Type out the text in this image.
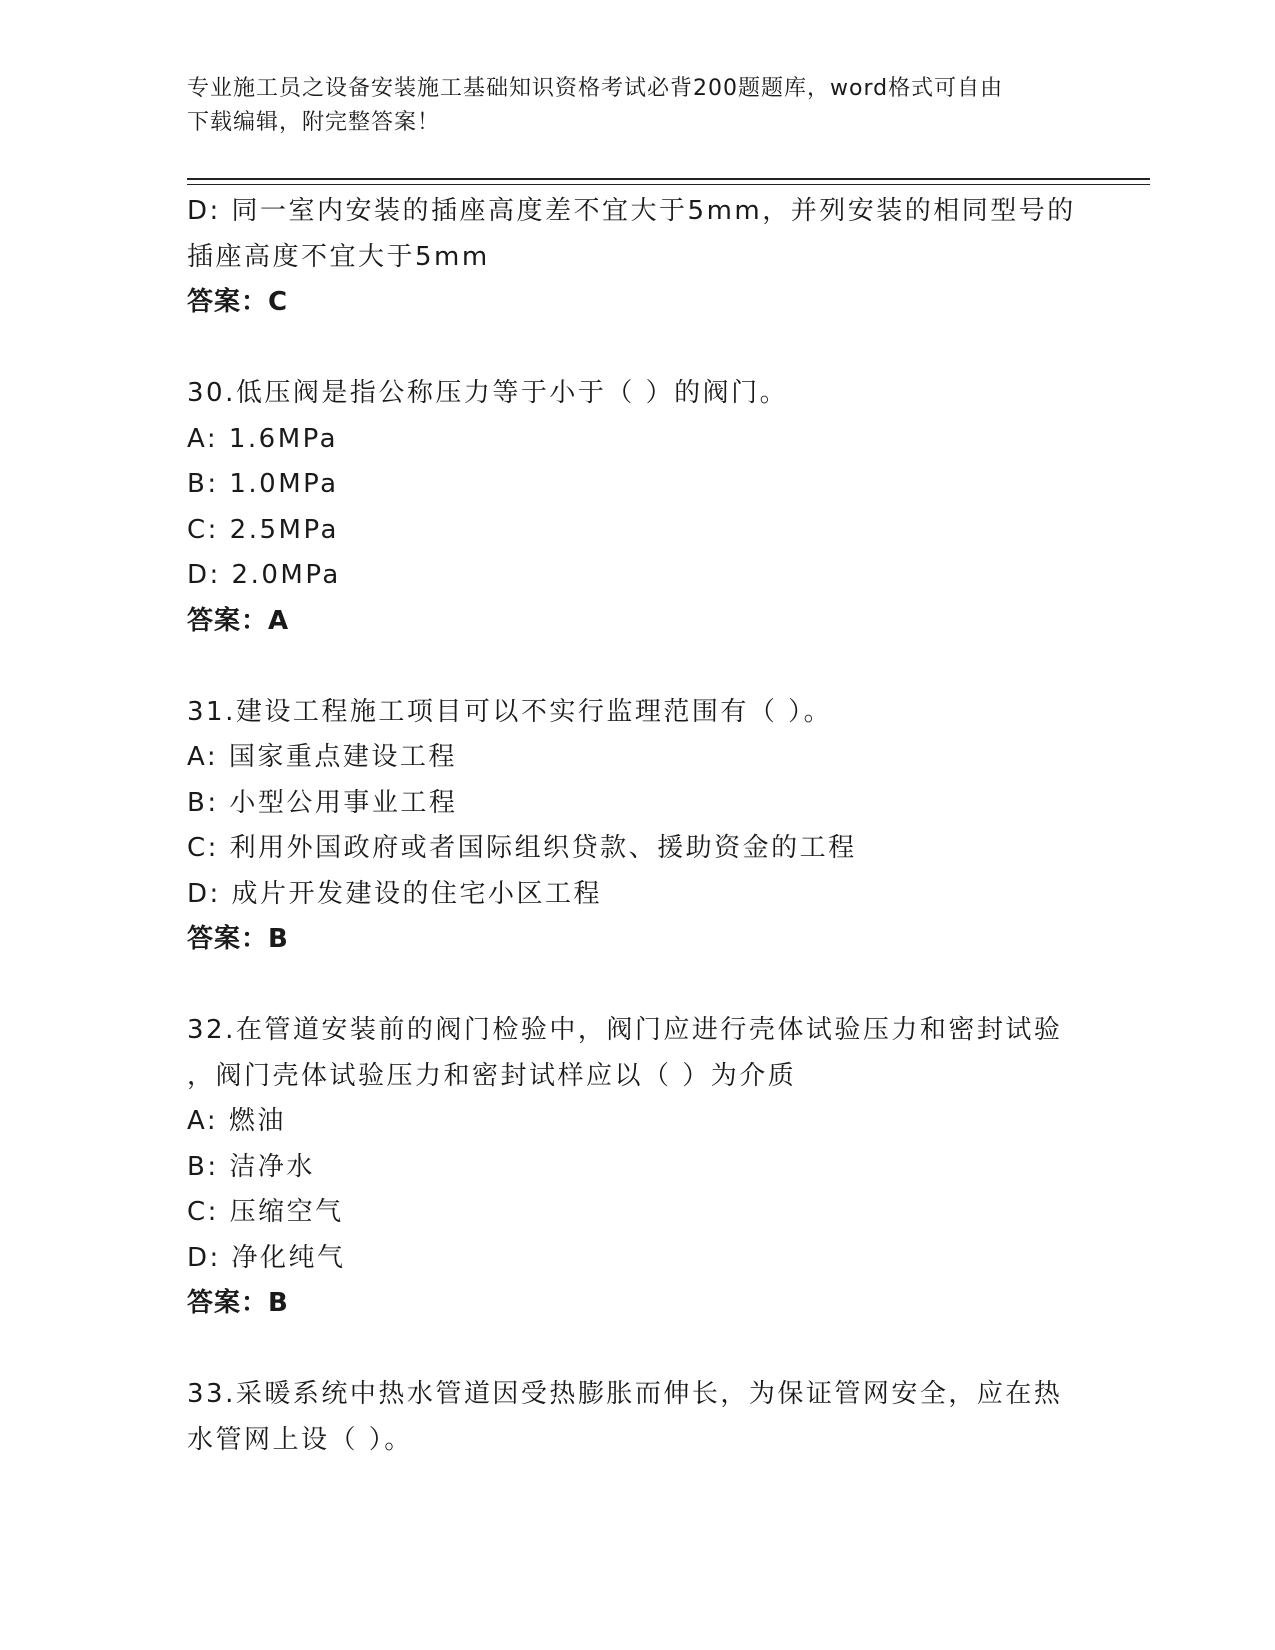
专业施工员之设备安装施工基础知识资格考试必背200题题库，word格式可自由
下载编辑，附完整答案！
D: 同一室内安装的插座高度差不宜大于5mm，并列安装的相同型号的
插座高度不宜大于5mm
答案：C
30.低压阀是指公称压力等于小于（ ）的阀门。
A: 1.6MPa
B: 1.0MPa
C: 2.5MPa
D: 2.0MPa
答案：A
31.建设工程施工项目可以不实行监理范围有（ ）。
A: 国家重点建设工程
B: 小型公用事业工程
C: 利用外国政府或者国际组织贷款、援助资金的工程
D: 成片开发建设的住宅小区工程
答案：B
32.在管道安装前的阀门检验中，阀门应进行壳体试验压力和密封试验
，阀门壳体试验压力和密封试样应以（ ）为介质
A: 燃油
B: 洁净水
C: 压缩空气
D: 净化纯气
答案：B
33.采暖系统中热水管道因受热膨胀而伸长，为保证管网安全，应在热
水管网上设（ ）。
